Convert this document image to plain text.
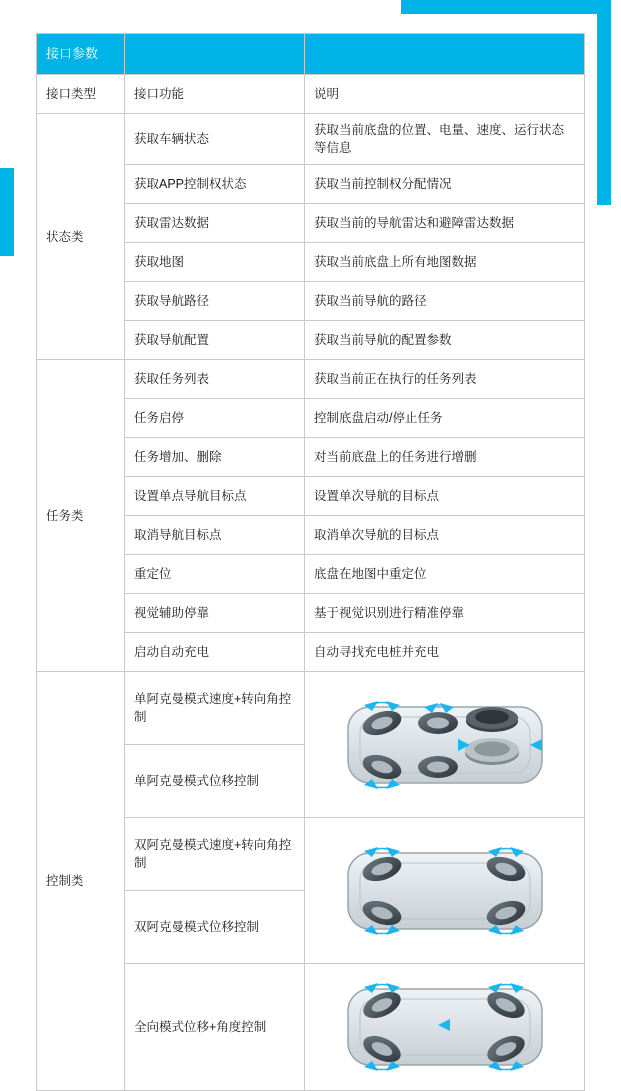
接口参数		
接口类型	接口功能	说明
状态类	获取车辆状态	获取当前底盘的位置、电量、速度、运行状态等信息
	获取APP控制权状态	获取当前控制权分配情况
	获取雷达数据	获取当前的导航雷达和避障雷达数据
	获取地图	获取当前底盘上所有地图数据
	获取导航路径	获取当前导航的路径
	获取导航配置	获取当前导航的配置参数
任务类	获取任务列表	获取当前正在执行的任务列表
	任务启停	控制底盘启动/停止任务
	任务增加、删除	对当前底盘上的任务进行增删
	设置单点导航目标点	设置单次导航的目标点
	取消导航目标点	取消单次导航的目标点
	重定位	底盘在地图中重定位
	视觉辅助停靠	基于视觉识别进行精准停靠
	启动自动充电	自动寻找充电桩并充电
控制类	单阿克曼模式速度+转向角控制	

	单阿克曼模式位移控制	
	双阿克曼模式速度+转向角控制	

	双阿克曼模式位移控制	
	全向模式位移+角度控制	
